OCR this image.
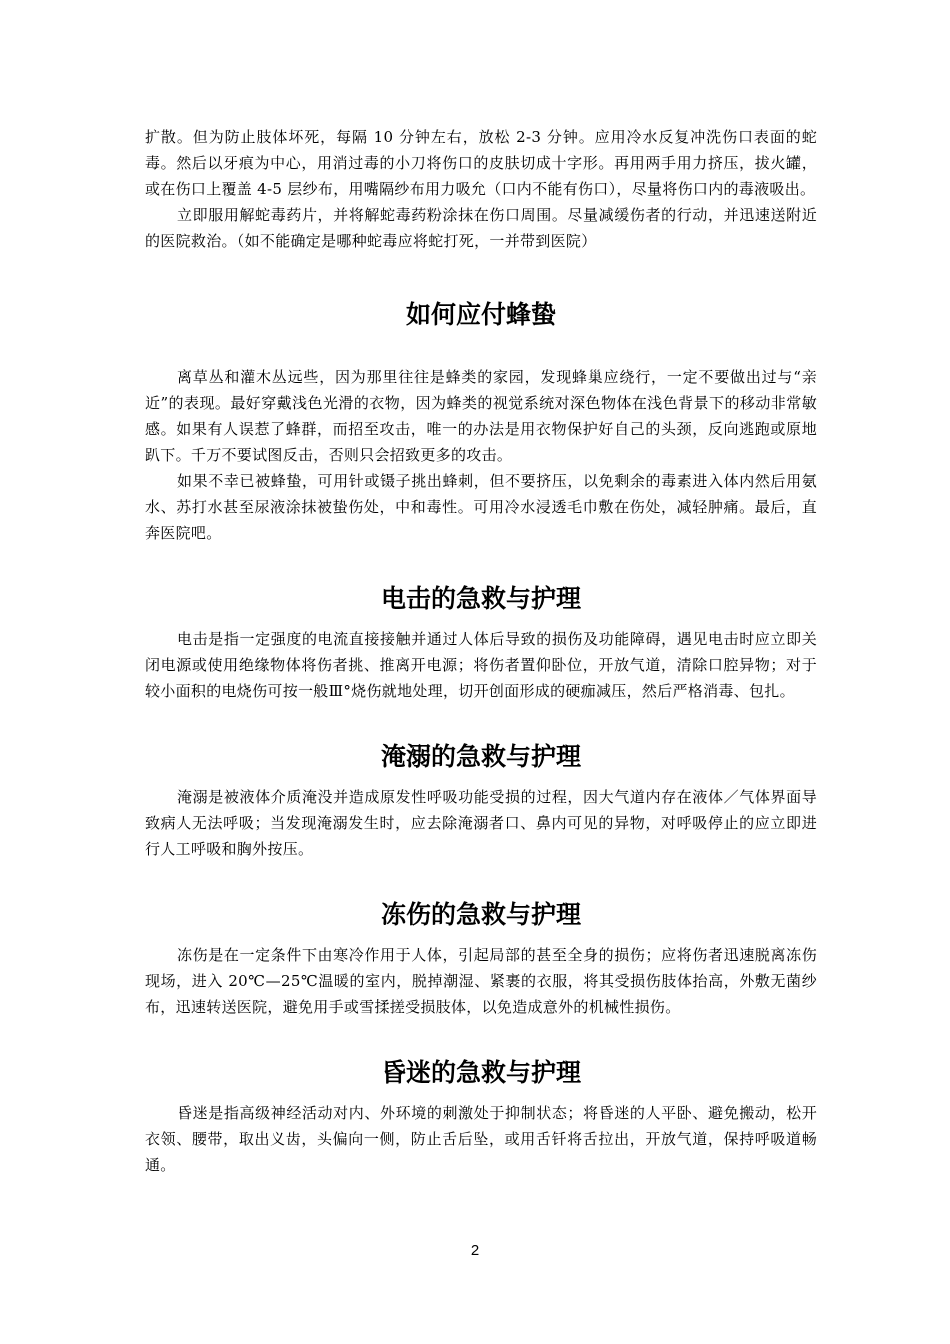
扩散。但为防止肢体坏死，每隔 10 分钟左右，放松 2-3 分钟。应用冷水反复冲洗伤口表面的蛇毒。然后以牙痕为中心，用消过毒的小刀将伤口的皮肤切成十字形。再用两手用力挤压，拔火罐，或在伤口上覆盖 4-5 层纱布，用嘴隔纱布用力吸允（口内不能有伤口），尽量将伤口内的毒液吸出。

立即服用解蛇毒药片，并将解蛇毒药粉涂抹在伤口周围。尽量减缓伤者的行动，并迅速送附近的医院救治。（如不能确定是哪种蛇毒应将蛇打死，一并带到医院）

如何应付蜂蛰

离草丛和灌木丛远些，因为那里往往是蜂类的家园，发现蜂巢应绕行，一定不要做出过与“亲近”的表现。最好穿戴浅色光滑的衣物，因为蜂类的视觉系统对深色物体在浅色背景下的移动非常敏感。如果有人误惹了蜂群，而招至攻击，唯一的办法是用衣物保护好自己的头颈，反向逃跑或原地趴下。千万不要试图反击，否则只会招致更多的攻击。

如果不幸已被蜂蛰，可用针或镊子挑出蜂刺，但不要挤压，以免剩余的毒素进入体内然后用氨水、苏打水甚至尿液涂抹被蛰伤处，中和毒性。可用冷水浸透毛巾敷在伤处，减轻肿痛。最后，直奔医院吧。

电击的急救与护理

电击是指一定强度的电流直接接触并通过人体后导致的损伤及功能障碍，遇见电击时应立即关闭电源或使用绝缘物体将伤者挑、推离开电源；将伤者置仰卧位，开放气道，清除口腔异物；对于较小面积的电烧伤可按一般Ⅲ°烧伤就地处理，切开创面形成的硬痂减压，然后严格消毒、包扎。

淹溺的急救与护理

淹溺是被液体介质淹没并造成原发性呼吸功能受损的过程，因大气道内存在液体／气体界面导致病人无法呼吸；当发现淹溺发生时，应去除淹溺者口、鼻内可见的异物，对呼吸停止的应立即进行人工呼吸和胸外按压。

冻伤的急救与护理

冻伤是在一定条件下由寒冷作用于人体，引起局部的甚至全身的损伤；应将伤者迅速脱离冻伤现场，进入 20℃—25℃温暖的室内，脱掉潮湿、紧裹的衣服，将其受损伤肢体抬高，外敷无菌纱布，迅速转送医院，避免用手或雪揉搓受损肢体，以免造成意外的机械性损伤。

昏迷的急救与护理

昏迷是指高级神经活动对内、外环境的刺激处于抑制状态；将昏迷的人平卧、避免搬动，松开衣领、腰带，取出义齿，头偏向一侧，防止舌后坠，或用舌钎将舌拉出，开放气道，保持呼吸道畅通。

2
